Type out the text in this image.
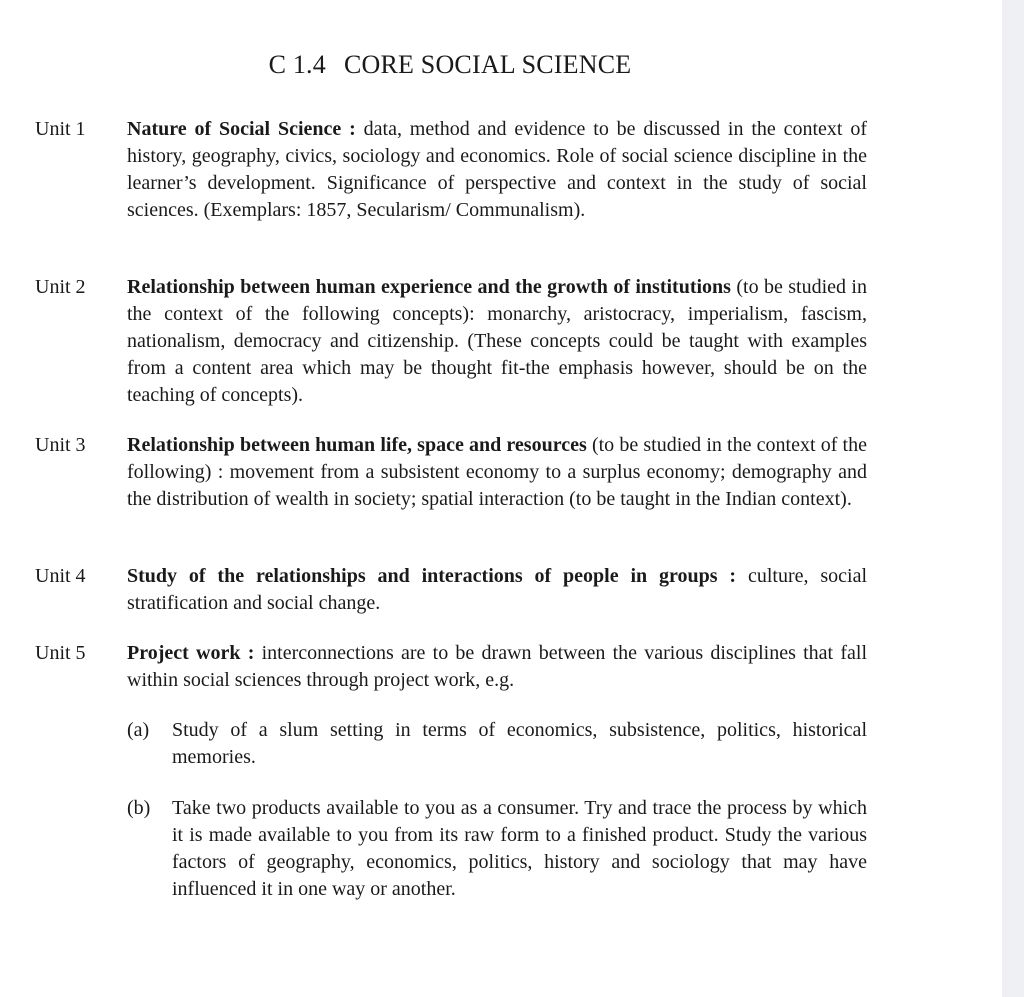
C 1.4 CORE SOCIAL SCIENCE
Unit 1	Nature of Social Science : data, method and evidence to be discussed in the context of history, geography, civics, sociology and economics. Role of social science discipline in the learner’s development. Significance of perspective and context in the study of social sciences. (Exemplars: 1857, Secularism/ Communalism).
Unit 2	Relationship between human experience and the growth of institutions (to be studied in the context of the following concepts): monarchy, aristocracy, imperialism, fascism, nationalism, democracy and citizenship. (These concepts could be taught with examples from a content area which may be thought fit-the emphasis however, should be on the teaching of concepts).
Unit 3	Relationship between human life, space and resources (to be studied in the context of the following) : movement from a subsistent economy to a surplus economy; demography and the distribution of wealth in society; spatial interaction (to be taught in the Indian context).
Unit 4	Study of the relationships and interactions of people in groups : culture, social stratification and social change.
Unit 5	Project work : interconnections are to be drawn between the various disciplines that fall within social sciences through project work, e.g.
(a)	Study of a slum setting in terms of economics, subsistence, politics, historical memories.
(b)	Take two products available to you as a consumer. Try and trace the process by which it is made available to you from its raw form to a finished product. Study the various factors of geography, economics, politics, history and sociology that may have influenced it in one way or another.
